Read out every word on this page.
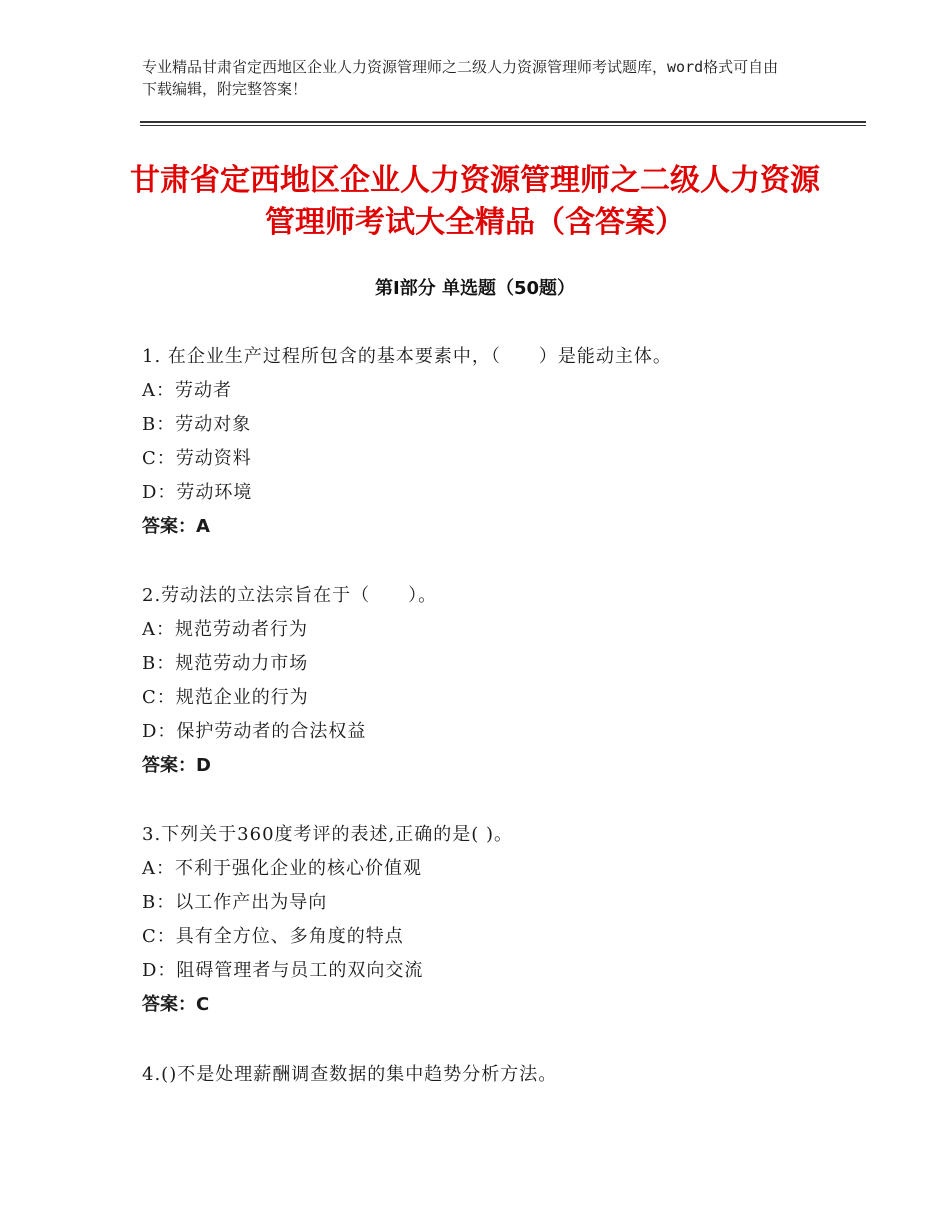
专业精品甘肃省定西地区企业人力资源管理师之二级人力资源管理师考试题库，word格式可自由下载编辑，附完整答案！
甘肃省定西地区企业人力资源管理师之二级人力资源管理师考试大全精品（含答案）
第Ⅰ部分 单选题（50题）
1. 在企业生产过程所包含的基本要素中，（　　）是能动主体。
A：劳动者
B：劳动对象
C：劳动资料
D：劳动环境
答案：A
2.劳动法的立法宗旨在于（　　）。
A：规范劳动者行为
B：规范劳动力市场
C：规范企业的行为
D：保护劳动者的合法权益
答案：D
3.下列关于360度考评的表述,正确的是( )。
A：不利于强化企业的核心价值观
B：以工作产出为导向
C：具有全方位、多角度的特点
D：阻碍管理者与员工的双向交流
答案：C
4.()不是处理薪酬调查数据的集中趋势分析方法。
